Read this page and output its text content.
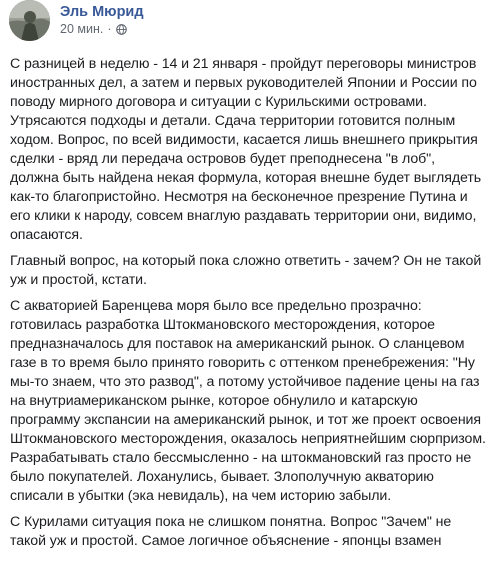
Эль Мюрид
20 мин. ·

С разницей в неделю - 14 и 21 января - пройдут переговоры министров иностранных дел, а затем и первых руководителей Японии и России по поводу мирного договора и ситуации с Курильскими островами. Утрясаются подходы и детали. Сдача территории готовится полным ходом. Вопрос, по всей видимости, касается лишь внешнего прикрытия сделки - вряд ли передача островов будет преподнесена "в лоб", должна быть найдена некая формула, которая внешне будет выглядеть как-то благопристойно. Несмотря на бесконечное презрение Путина и его клики к народу, совсем внаглую раздавать территории они, видимо, опасаются.

Главный вопрос, на который пока сложно ответить - зачем? Он не такой уж и простой, кстати.

С акваторией Баренцева моря было все предельно прозрачно: готовилась разработка Штокмановского месторождения, которое предназначалось для поставок на американский рынок. О сланцевом газе в то время было принято говорить с оттенком пренебрежения: "Ну мы-то знаем, что это развод", а потому устойчивое падение цены на газ на внутриамериканском рынке, которое обнулило и катарскую программу экспансии на американский рынок, и тот же проект освоения Штокмановского месторождения, оказалось неприятнейшим сюрпризом. Разрабатывать стало бессмысленно - на штокмановский газ просто не было покупателей. Лоханулись, бывает. Злополучную акваторию списали в убытки (эка невидаль), на чем историю забыли.

С Курилами ситуация пока не слишком понятна. Вопрос "Зачем" не такой уж и простой. Самое логичное объяснение - японцы взамен
